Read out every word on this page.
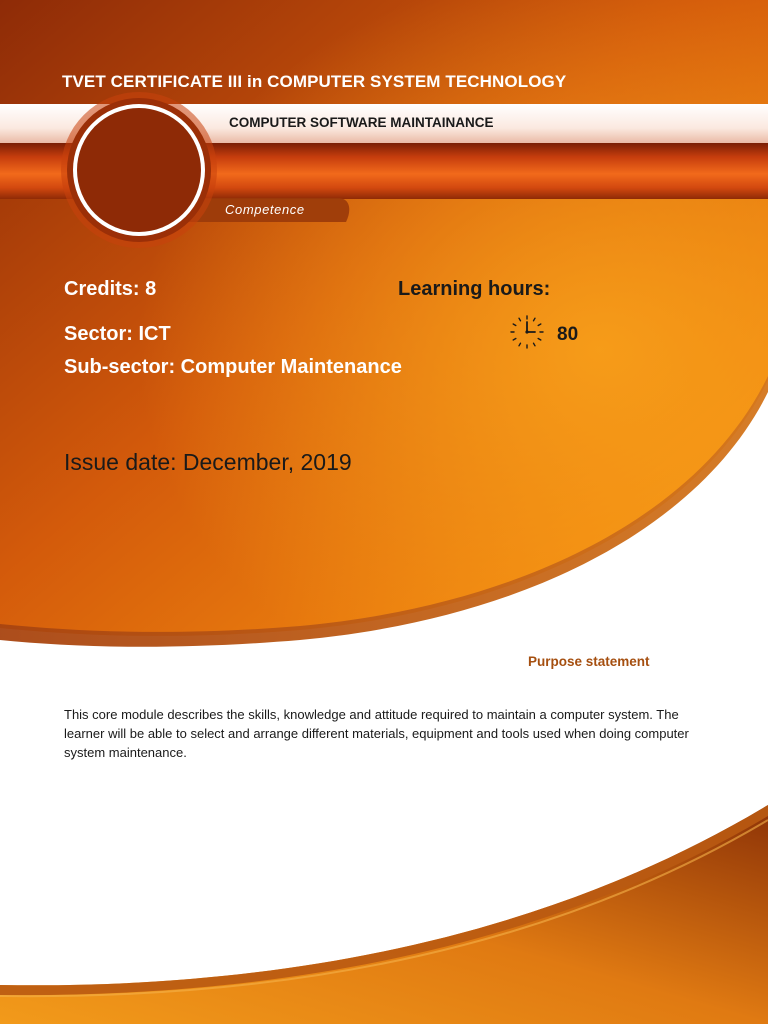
TVET CERTIFICATE III in COMPUTER SYSTEM TECHNOLOGY

COMPUTER SOFTWARE MAINTAINANCE

Competence

Credits: 8	Learning hours:

80

Sector: ICT

Sub-sector: Computer Maintenance

Issue date: December, 2019

Purpose statement

This core module describes the skills, knowledge and attitude required to maintain a computer system. The learner will be able to select and arrange different materials, equipment and tools used when doing computer system maintenance.
